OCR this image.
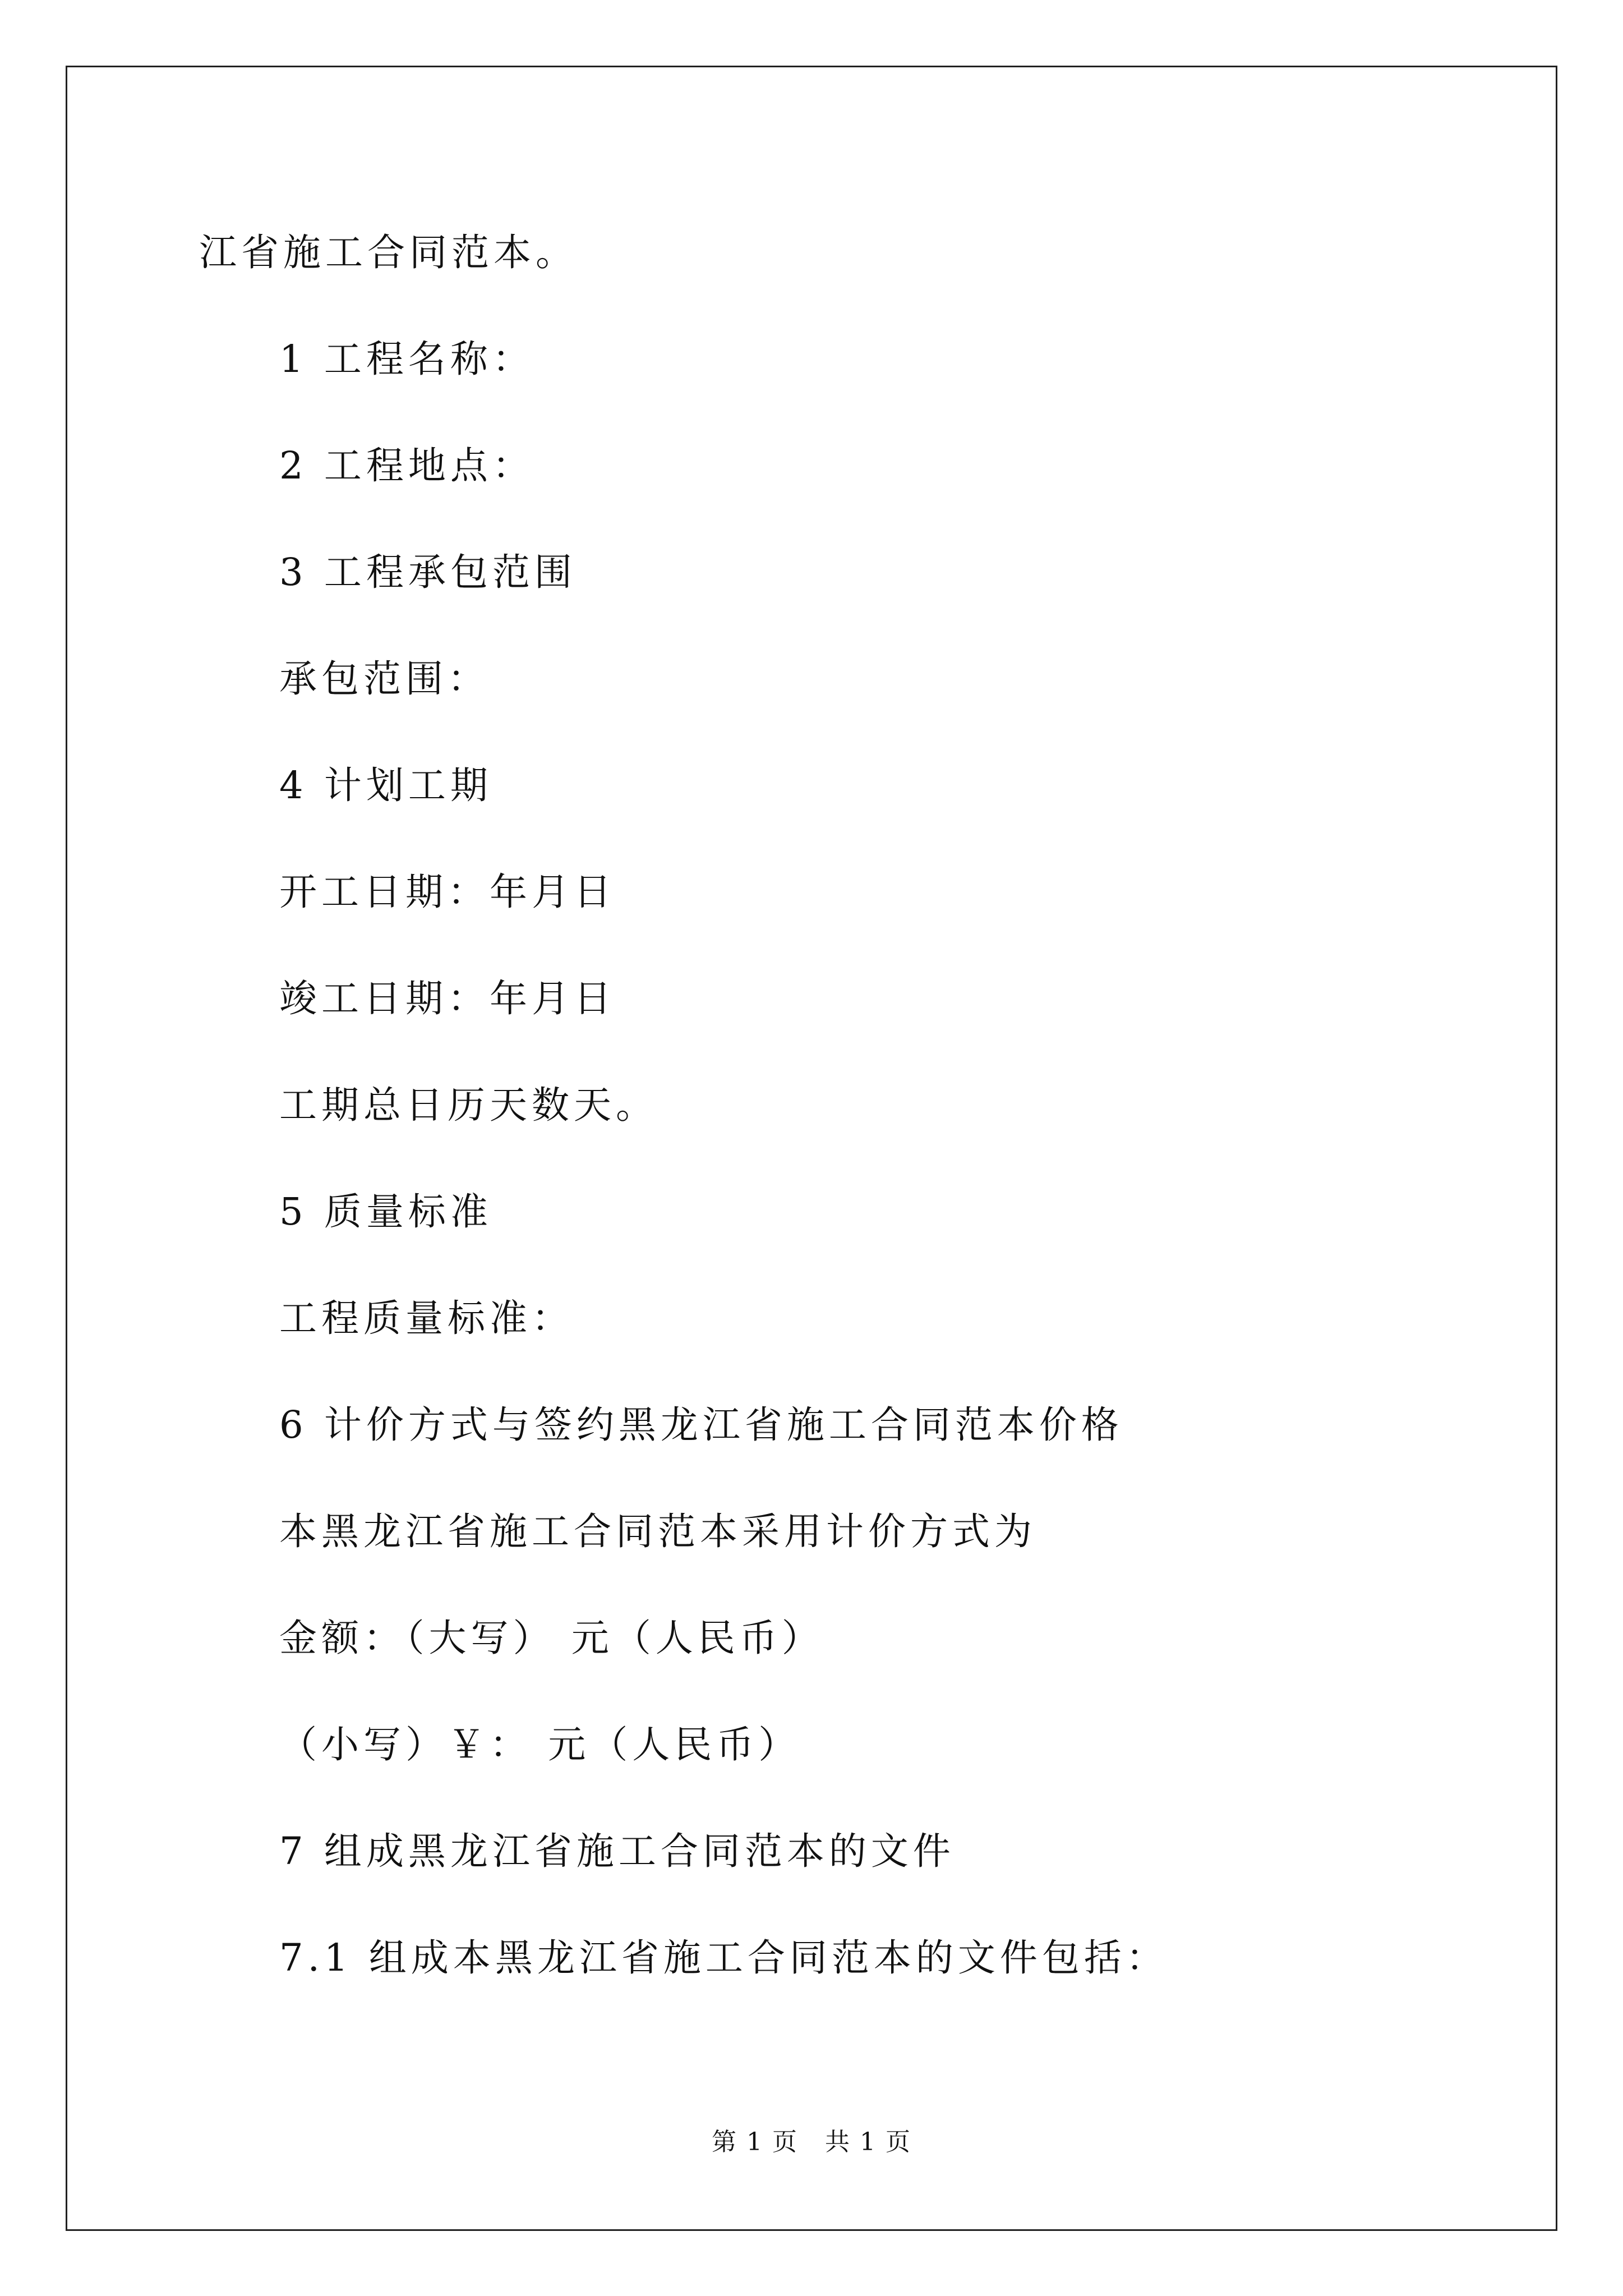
江省施工合同范本。
1 工程名称：
2 工程地点：
3 工程承包范围
承包范围：
4 计划工期
开工日期：年月日
竣工日期：年月日
工期总日历天数天。
5 质量标准
工程质量标准：
6 计价方式与签约黑龙江省施工合同范本价格
本黑龙江省施工合同范本采用计价方式为
金额：（大写） 元（人民币）
（小写）￥： 元（人民币）
7 组成黑龙江省施工合同范本的文件
7.1 组成本黑龙江省施工合同范本的文件包括：
第 1 页   共 1 页
